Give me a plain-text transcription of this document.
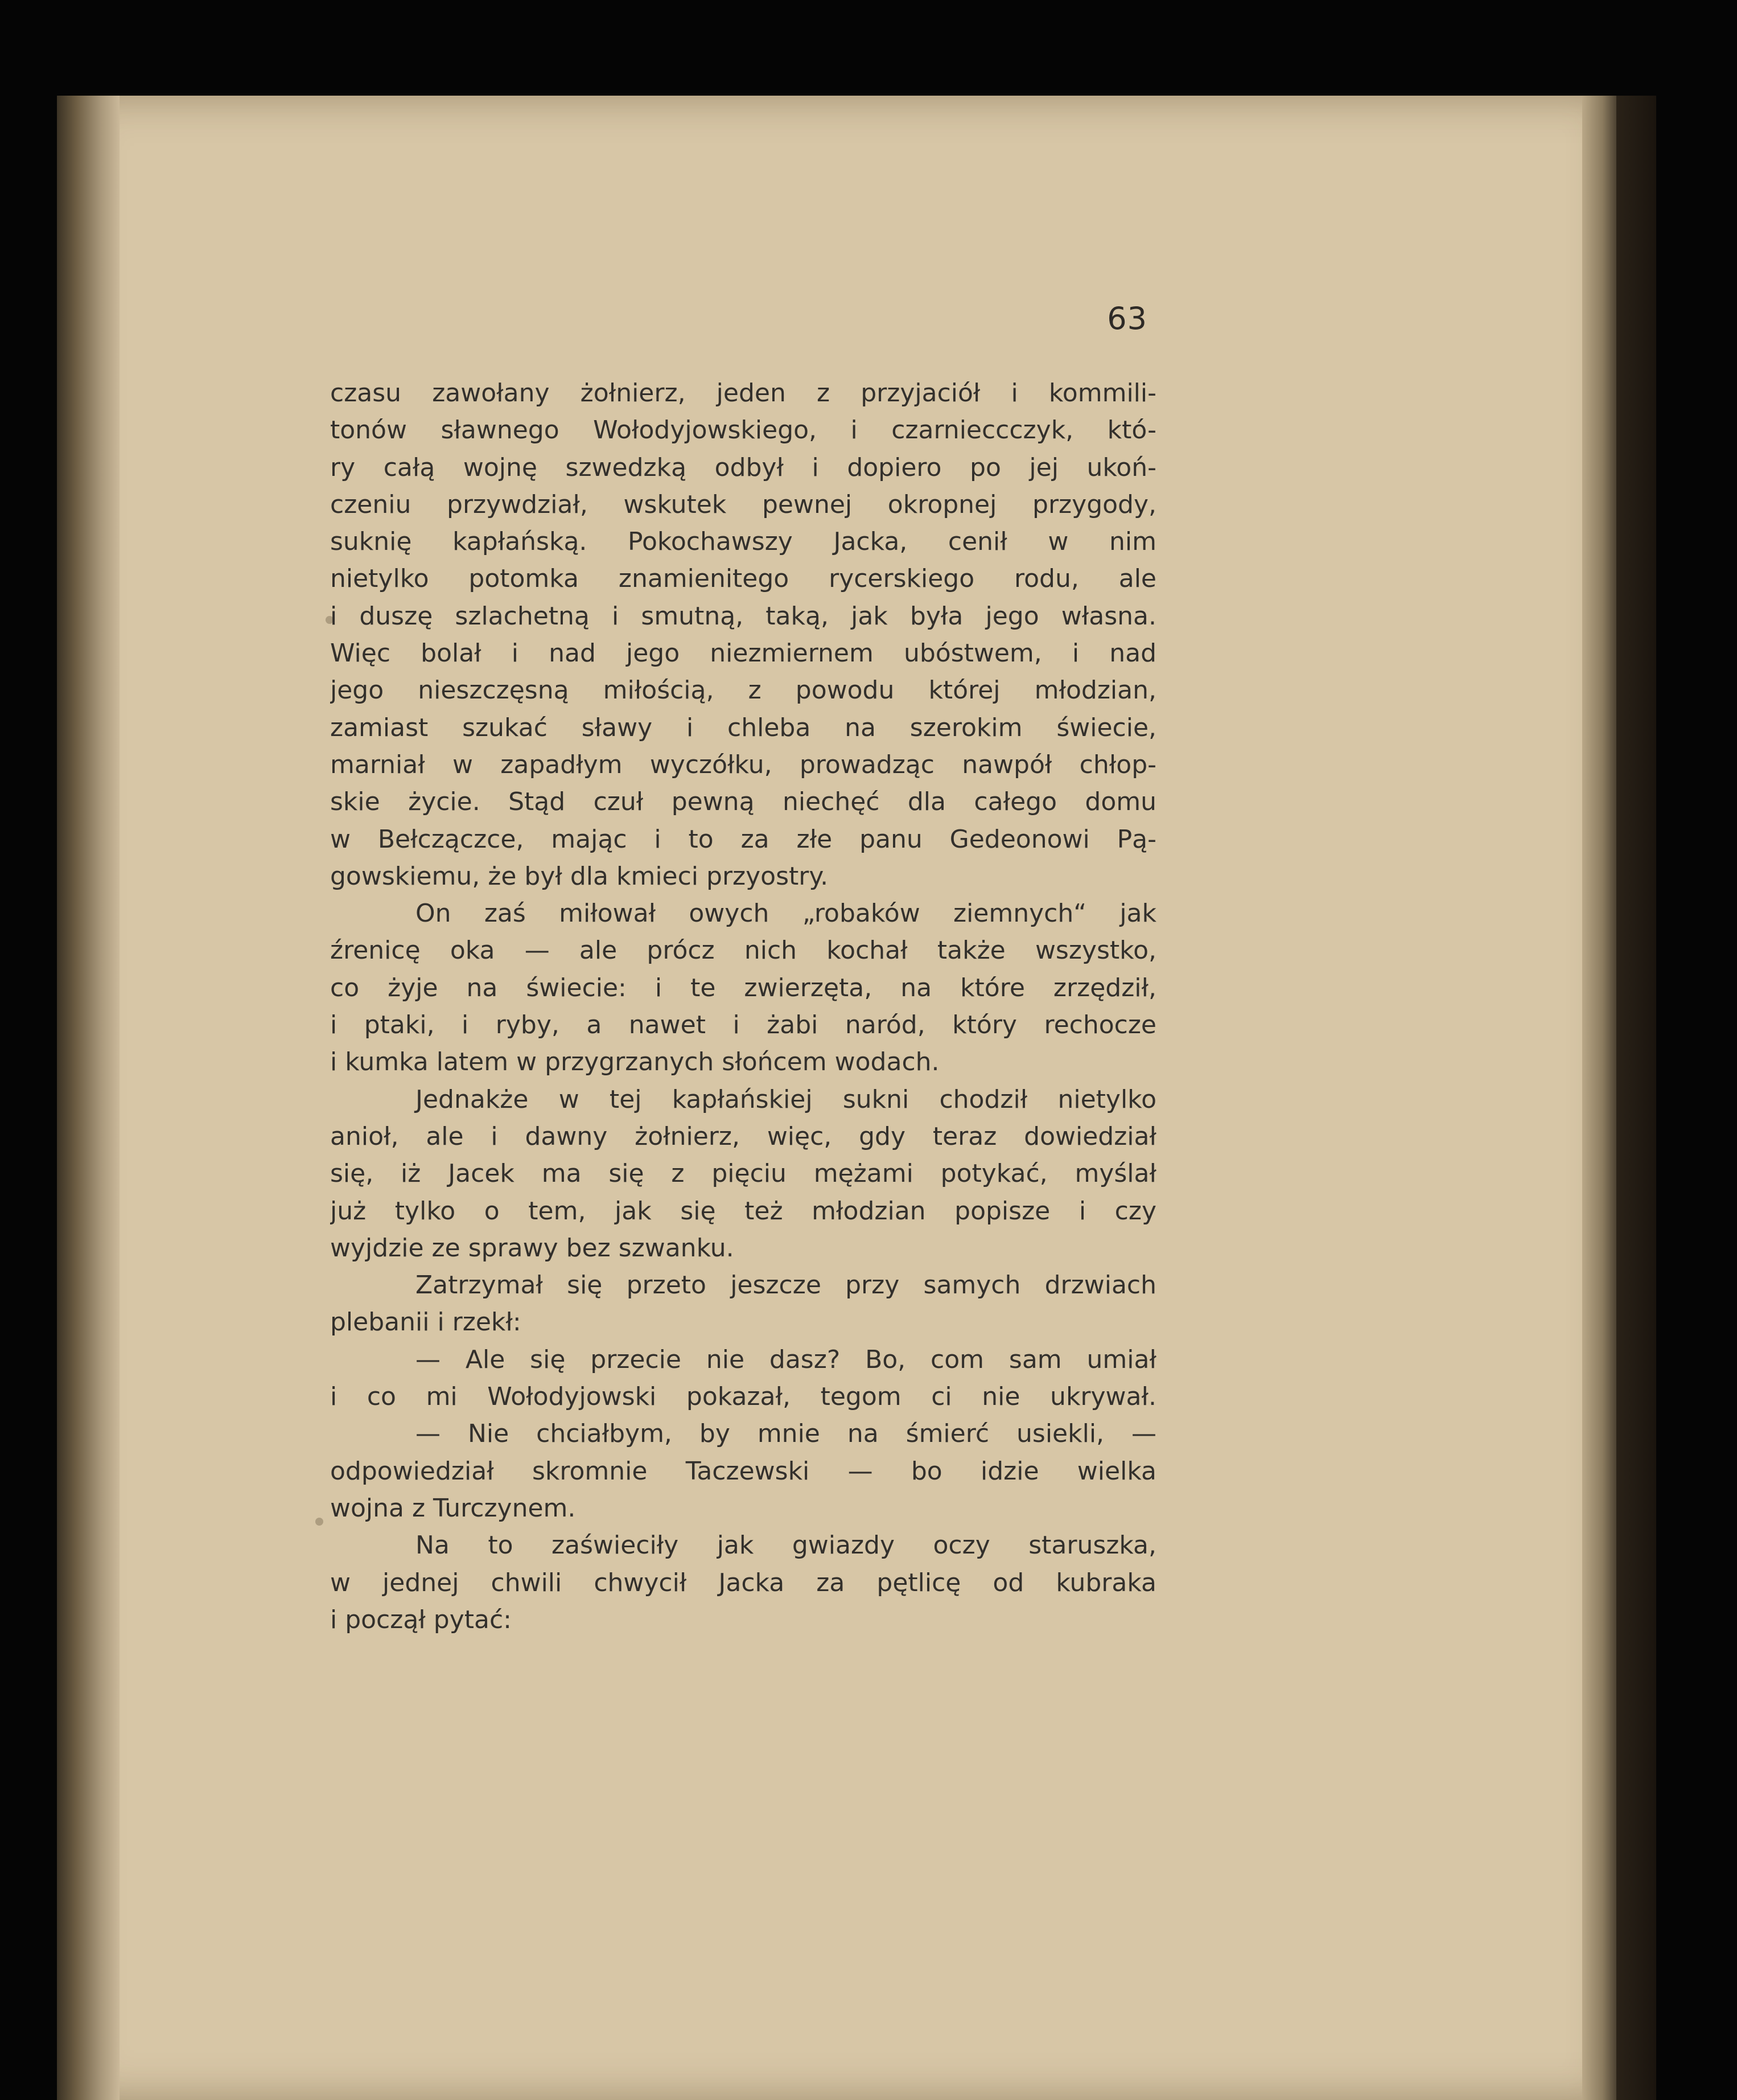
63
czasu zawołany żołnierz, jeden z przyjaciół i kommili-
tonów sławnego Wołodyjowskiego, i czarnieccczyk, któ-
ry całą wojnę szwedzką odbył i dopiero po jej ukoń-
czeniu przywdział, wskutek pewnej okropnej przygody,
suknię kapłańską. Pokochawszy Jacka, cenił w nim
nietylko potomka znamienitego rycerskiego rodu, ale
i duszę szlachetną i smutną, taką, jak była jego własna.
Więc bolał i nad jego niezmiernem ubóstwem, i nad
jego nieszczęsną miłością, z powodu której młodzian,
zamiast szukać sławy i chleba na szerokim świecie,
marniał w zapadłym wyczółku, prowadząc nawpół chłop-
skie życie. Stąd czuł pewną niechęć dla całego domu
w Bełczączce, mając i to za złe panu Gedeonowi Pą-
gowskiemu, że był dla kmieci przyostry.
On zaś miłował owych „robaków ziemnych“ jak
źrenicę oka — ale prócz nich kochał także wszystko,
co żyje na świecie: i te zwierzęta, na które zrzędził,
i ptaki, i ryby, a nawet i żabi naród, który rechocze
i kumka latem w przygrzanych słońcem wodach.
Jednakże w tej kapłańskiej sukni chodził nietylko
anioł, ale i dawny żołnierz, więc, gdy teraz dowiedział
się, iż Jacek ma się z pięciu mężami potykać, myślał
już tylko o tem, jak się też młodzian popisze i czy
wyjdzie ze sprawy bez szwanku.
Zatrzymał się przeto jeszcze przy samych drzwiach
plebanii i rzekł:
— Ale się przecie nie dasz? Bo, com sam umiał
i co mi Wołodyjowski pokazał, tegom ci nie ukrywał.
— Nie chciałbym, by mnie na śmierć usiekli, —
odpowiedział skromnie Taczewski — bo idzie wielka
wojna z Turczynem.
Na to zaświeciły jak gwiazdy oczy staruszka,
w jednej chwili chwycił Jacka za pętlicę od kubraka
i począł pytać:
